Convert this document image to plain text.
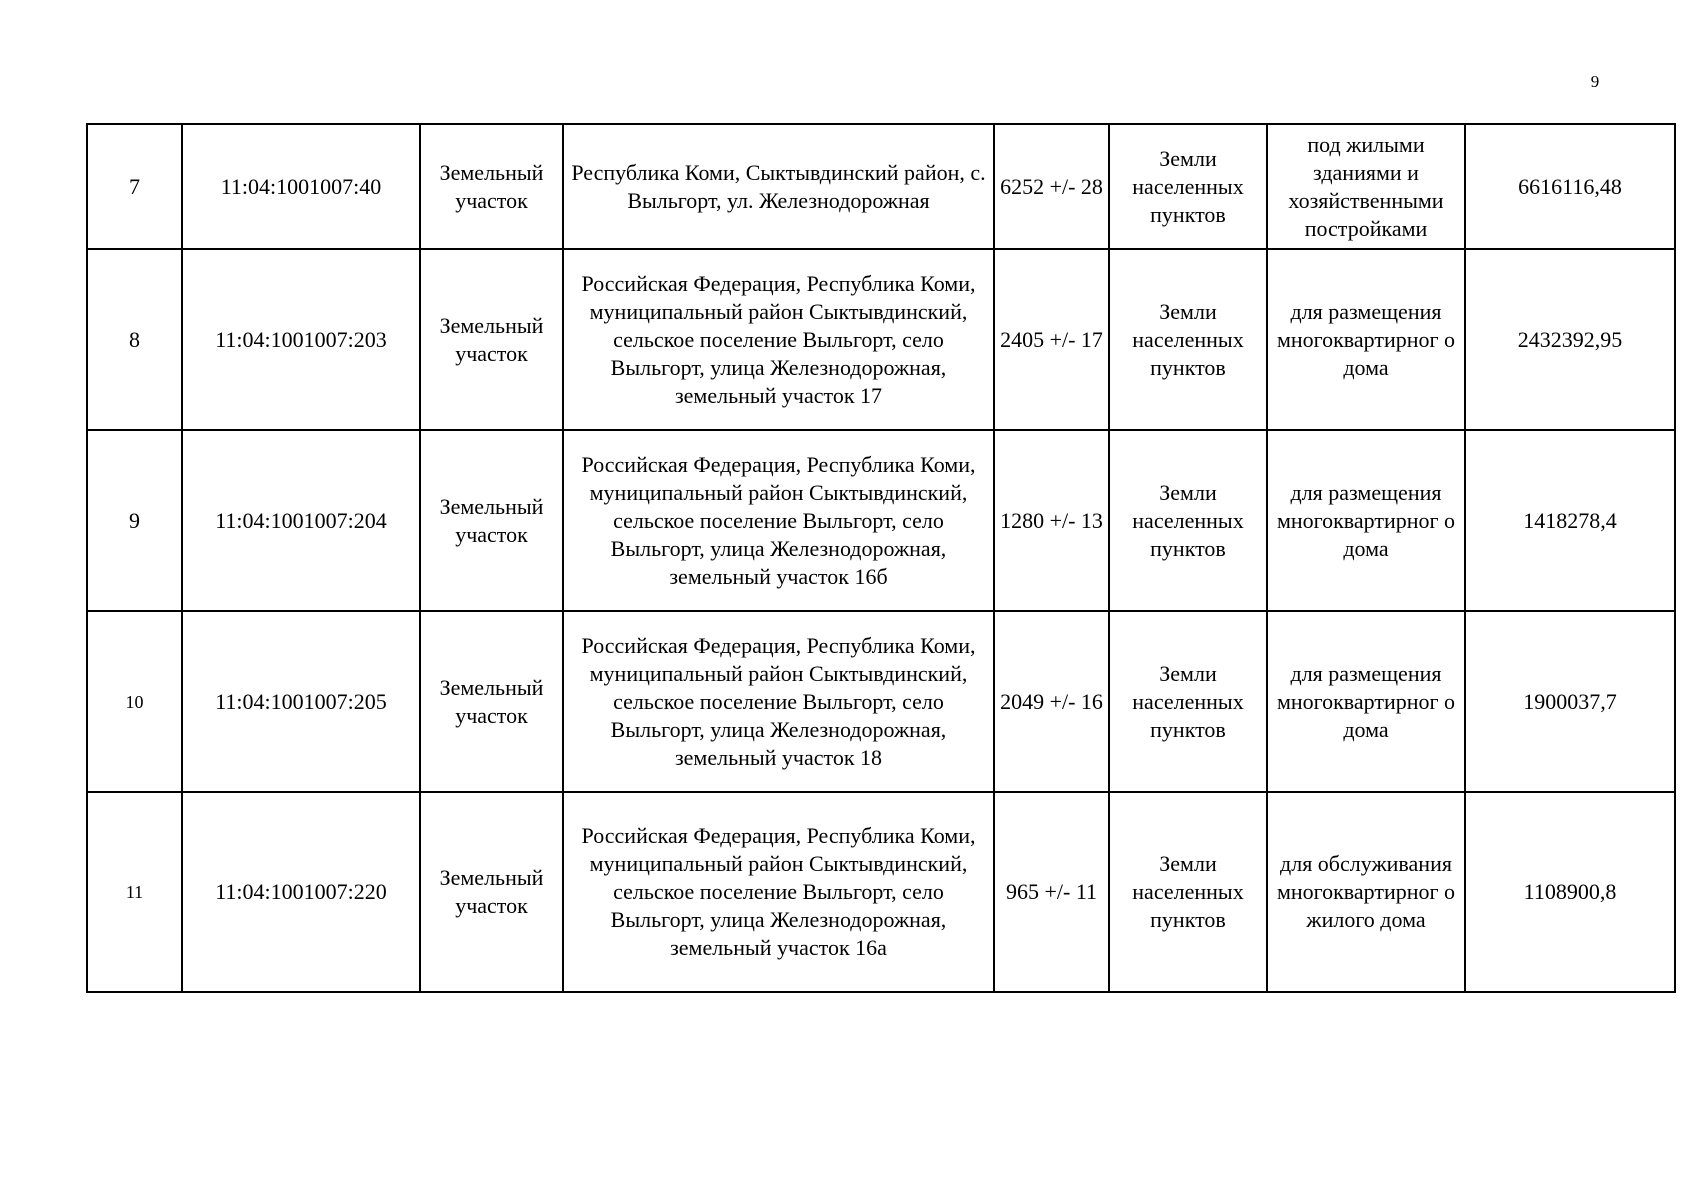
9
7	11:04:1001007:40	Земельный участок	Республика Коми, Сыктывдинский район, с. Выльгорт, ул. Железнодорожная	6252 +/- 28	Земли населенных пунктов	под жилыми зданиями и хозяйственными постройками	6616116,48
8	11:04:1001007:203	Земельный участок	Российская Федерация, Республика Коми, муниципальный район Сыктывдинский, сельское поселение Выльгорт, село Выльгорт, улица Железнодорожная, земельный участок 17	2405 +/- 17	Земли населенных пунктов	для размещения многоквартирног о дома	2432392,95
9	11:04:1001007:204	Земельный участок	Российская Федерация, Республика Коми, муниципальный район Сыктывдинский, сельское поселение Выльгорт, село Выльгорт, улица Железнодорожная, земельный участок 16б	1280 +/- 13	Земли населенных пунктов	для размещения многоквартирног о дома	1418278,4
10	11:04:1001007:205	Земельный участок	Российская Федерация, Республика Коми, муниципальный район Сыктывдинский, сельское поселение Выльгорт, село Выльгорт, улица Железнодорожная, земельный участок 18	2049 +/- 16	Земли населенных пунктов	для размещения многоквартирног о дома	1900037,7
11	11:04:1001007:220	Земельный участок	Российская Федерация, Республика Коми, муниципальный район Сыктывдинский, сельское поселение Выльгорт, село Выльгорт, улица Железнодорожная, земельный участок 16а	965 +/- 11	Земли населенных пунктов	для обслуживания многоквартирног о жилого дома	1108900,8
